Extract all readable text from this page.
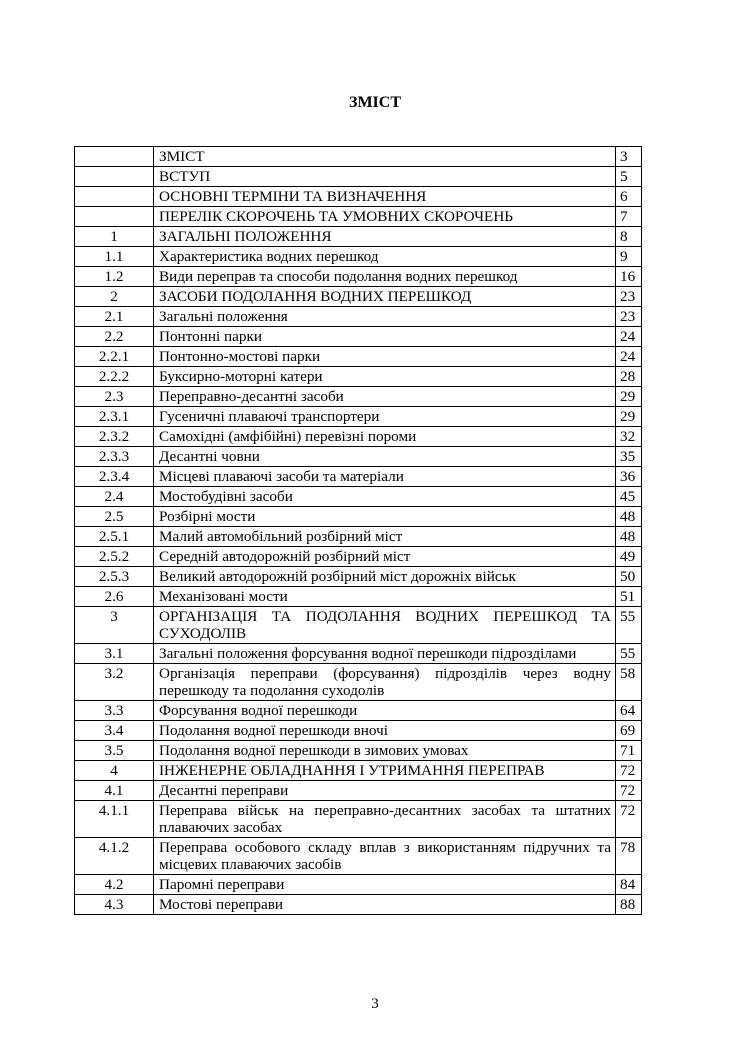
ЗМІСТ
	ЗМІСТ	3
	ВСТУП	5
	ОСНОВНІ ТЕРМІНИ ТА ВИЗНАЧЕННЯ	6
	ПЕРЕЛІК СКОРОЧЕНЬ ТА УМОВНИХ СКОРОЧЕНЬ	7
1	ЗАГАЛЬНІ ПОЛОЖЕННЯ	8
1.1	Характеристика водних перешкод	9
1.2	Види переправ та способи подолання водних перешкод	16
2	ЗАСОБИ ПОДОЛАННЯ ВОДНИХ ПЕРЕШКОД	23
2.1	Загальні положення	23
2.2	Понтонні парки	24
2.2.1	Понтонно-мостові парки	24
2.2.2	Буксирно-моторні катери	28
2.3	Переправно-десантні засоби	29
2.3.1	Гусеничні плаваючі транспортери	29
2.3.2	Самохідні (амфібійні) перевізні пороми	32
2.3.3	Десантні човни	35
2.3.4	Місцеві плаваючі засоби та матеріали	36
2.4	Мостобудівні засоби	45
2.5	Розбірні мости	48
2.5.1	Малий автомобільний розбірний міст	48
2.5.2	Середній автодорожній розбірний міст	49
2.5.3	Великий автодорожній розбірний міст дорожніх військ	50
2.6	Механізовані мости	51
3	ОРГАНІЗАЦІЯ ТА ПОДОЛАННЯ ВОДНИХ ПЕРЕШКОД ТА СУХОДОЛІВ	55
3.1	Загальні положення форсування водної перешкоди підрозділами	55
3.2	Організація переправи (форсування) підрозділів через водну перешкоду та подолання суходолів	58
3.3	Форсування водної перешкоди	64
3.4	Подолання водної перешкоди вночі	69
3.5	Подолання водної перешкоди в зимових умовах	71
4	ІНЖЕНЕРНЕ ОБЛАДНАННЯ І УТРИМАННЯ ПЕРЕПРАВ	72
4.1	Десантні переправи	72
4.1.1	Переправа військ на переправно-десантних засобах та штатних плаваючих засобах	72
4.1.2	Переправа особового складу вплав з використанням підручних та місцевих плаваючих засобів	78
4.2	Паромні переправи	84
4.3	Мостові переправи	88
3
